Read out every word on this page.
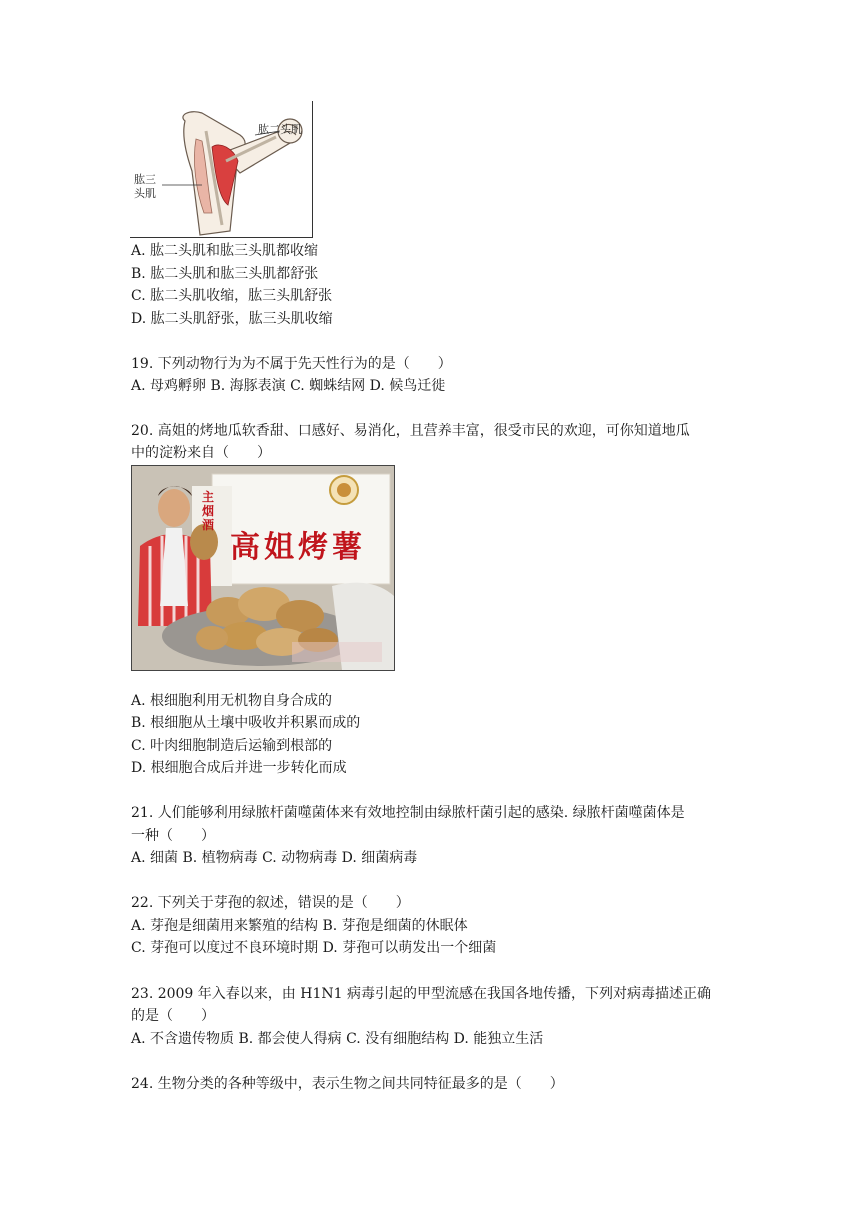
肱二头肌
肱三
头肌
A. 肱二头肌和肱三头肌都收缩
B. 肱二头肌和肱三头肌都舒张
C. 肱二头肌收缩，肱三头肌舒张
D. 肱二头肌舒张，肱三头肌收缩
19. 下列动物行为为不属于先天性行为的是（　　）
A. 母鸡孵卵 B. 海豚表演 C. 蜘蛛结网 D. 候鸟迁徙
20. 高姐的烤地瓜软香甜、口感好、易消化，且营养丰富，很受市民的欢迎，可你知道地瓜
中的淀粉来自（　　）
高姐烤薯
主 烟 酒
A. 根细胞利用无机物自身合成的
B. 根细胞从土壤中吸收并积累而成的
C. 叶肉细胞制造后运输到根部的
D. 根细胞合成后并进一步转化而成
21. 人们能够利用绿脓杆菌噬菌体来有效地控制由绿脓杆菌引起的感染. 绿脓杆菌噬菌体是
一种（　　）
A. 细菌 B. 植物病毒 C. 动物病毒 D. 细菌病毒
22. 下列关于芽孢的叙述，错误的是（　　）
A. 芽孢是细菌用来繁殖的结构 B. 芽孢是细菌的休眠体
C. 芽孢可以度过不良环境时期 D. 芽孢可以萌发出一个细菌
23. 2009 年入春以来，由 H1N1 病毒引起的甲型流感在我国各地传播，下列对病毒描述正确
的是（　　）
A. 不含遗传物质 B. 都会使人得病 C. 没有细胞结构 D. 能独立生活
24. 生物分类的各种等级中，表示生物之间共同特征最多的是（　　）
